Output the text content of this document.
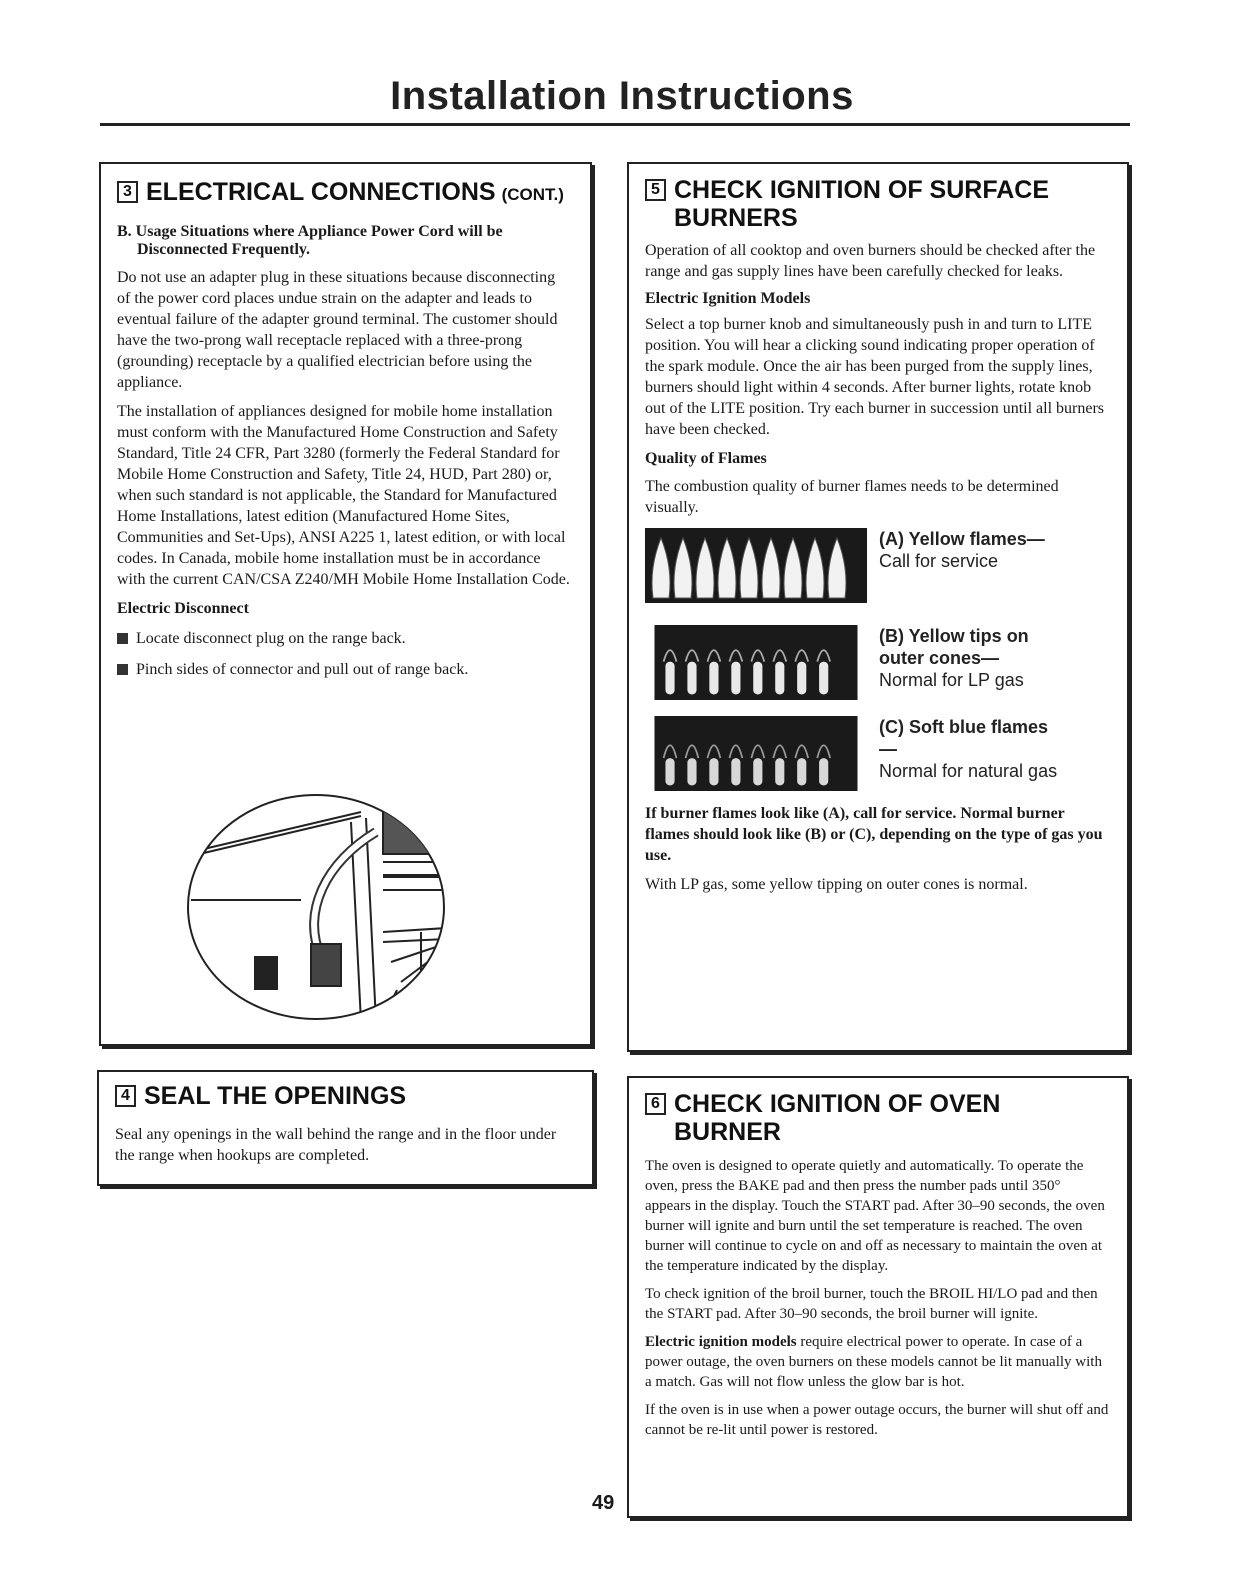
Installation Instructions
3 ELECTRICAL CONNECTIONS (CONT.)
B. Usage Situations where Appliance Power Cord will be Disconnected Frequently.

Do not use an adapter plug in these situations because disconnecting of the power cord places undue strain on the adapter and leads to eventual failure of the adapter ground terminal. The customer should have the two-prong wall receptacle replaced with a three-prong (grounding) receptacle by a qualified electrician before using the appliance.

The installation of appliances designed for mobile home installation must conform with the Manufactured Home Construction and Safety Standard, Title 24 CFR, Part 3280 (formerly the Federal Standard for Mobile Home Construction and Safety, Title 24, HUD, Part 280) or, when such standard is not applicable, the Standard for Manufactured Home Installations, latest edition (Manufactured Home Sites, Communities and Set-Ups), ANSI A225 1, latest edition, or with local codes. In Canada, mobile home installation must be in accordance with the current CAN/CSA Z240/MH Mobile Home Installation Code.

Electric Disconnect
Locate disconnect plug on the range back.
Pinch sides of connector and pull out of range back.
4 SEAL THE OPENINGS

Seal any openings in the wall behind the range and in the floor under the range when hookups are completed.

5 CHECK IGNITION OF SURFACE BURNERS

Operation of all cooktop and oven burners should be checked after the range and gas supply lines have been carefully checked for leaks.

Electric Ignition Models

Select a top burner knob and simultaneously push in and turn to LITE position. You will hear a clicking sound indicating proper operation of the spark module. Once the air has been purged from the supply lines, burners should light within 4 seconds. After burner lights, rotate knob out of the LITE position. Try each burner in succession until all burners have been checked.

Quality of Flames

The combustion quality of burner flames needs to be determined visually.

(A) Yellow flames—
Call for service
(B) Yellow tips on outer cones—
Normal for LP gas
(C) Soft blue flames—
Normal for natural gas

If burner flames look like (A), call for service. Normal burner flames should look like (B) or (C), depending on the type of gas you use.

With LP gas, some yellow tipping on outer cones is normal.

6 CHECK IGNITION OF OVEN BURNER

The oven is designed to operate quietly and automatically. To operate the oven, press the BAKE pad and then press the number pads until 350° appears in the display. Touch the START pad. After 30–90 seconds, the oven burner will ignite and burn until the set temperature is reached. The oven burner will continue to cycle on and off as necessary to maintain the oven at the temperature indicated by the display.

To check ignition of the broil burner, touch the BROIL HI/LO pad and then the START pad. After 30–90 seconds, the broil burner will ignite.

Electric ignition models require electrical power to operate. In case of a power outage, the oven burners on these models cannot be lit manually with a match. Gas will not flow unless the glow bar is hot.

If the oven is in use when a power outage occurs, the burner will shut off and cannot be re-lit until power is restored.

49
